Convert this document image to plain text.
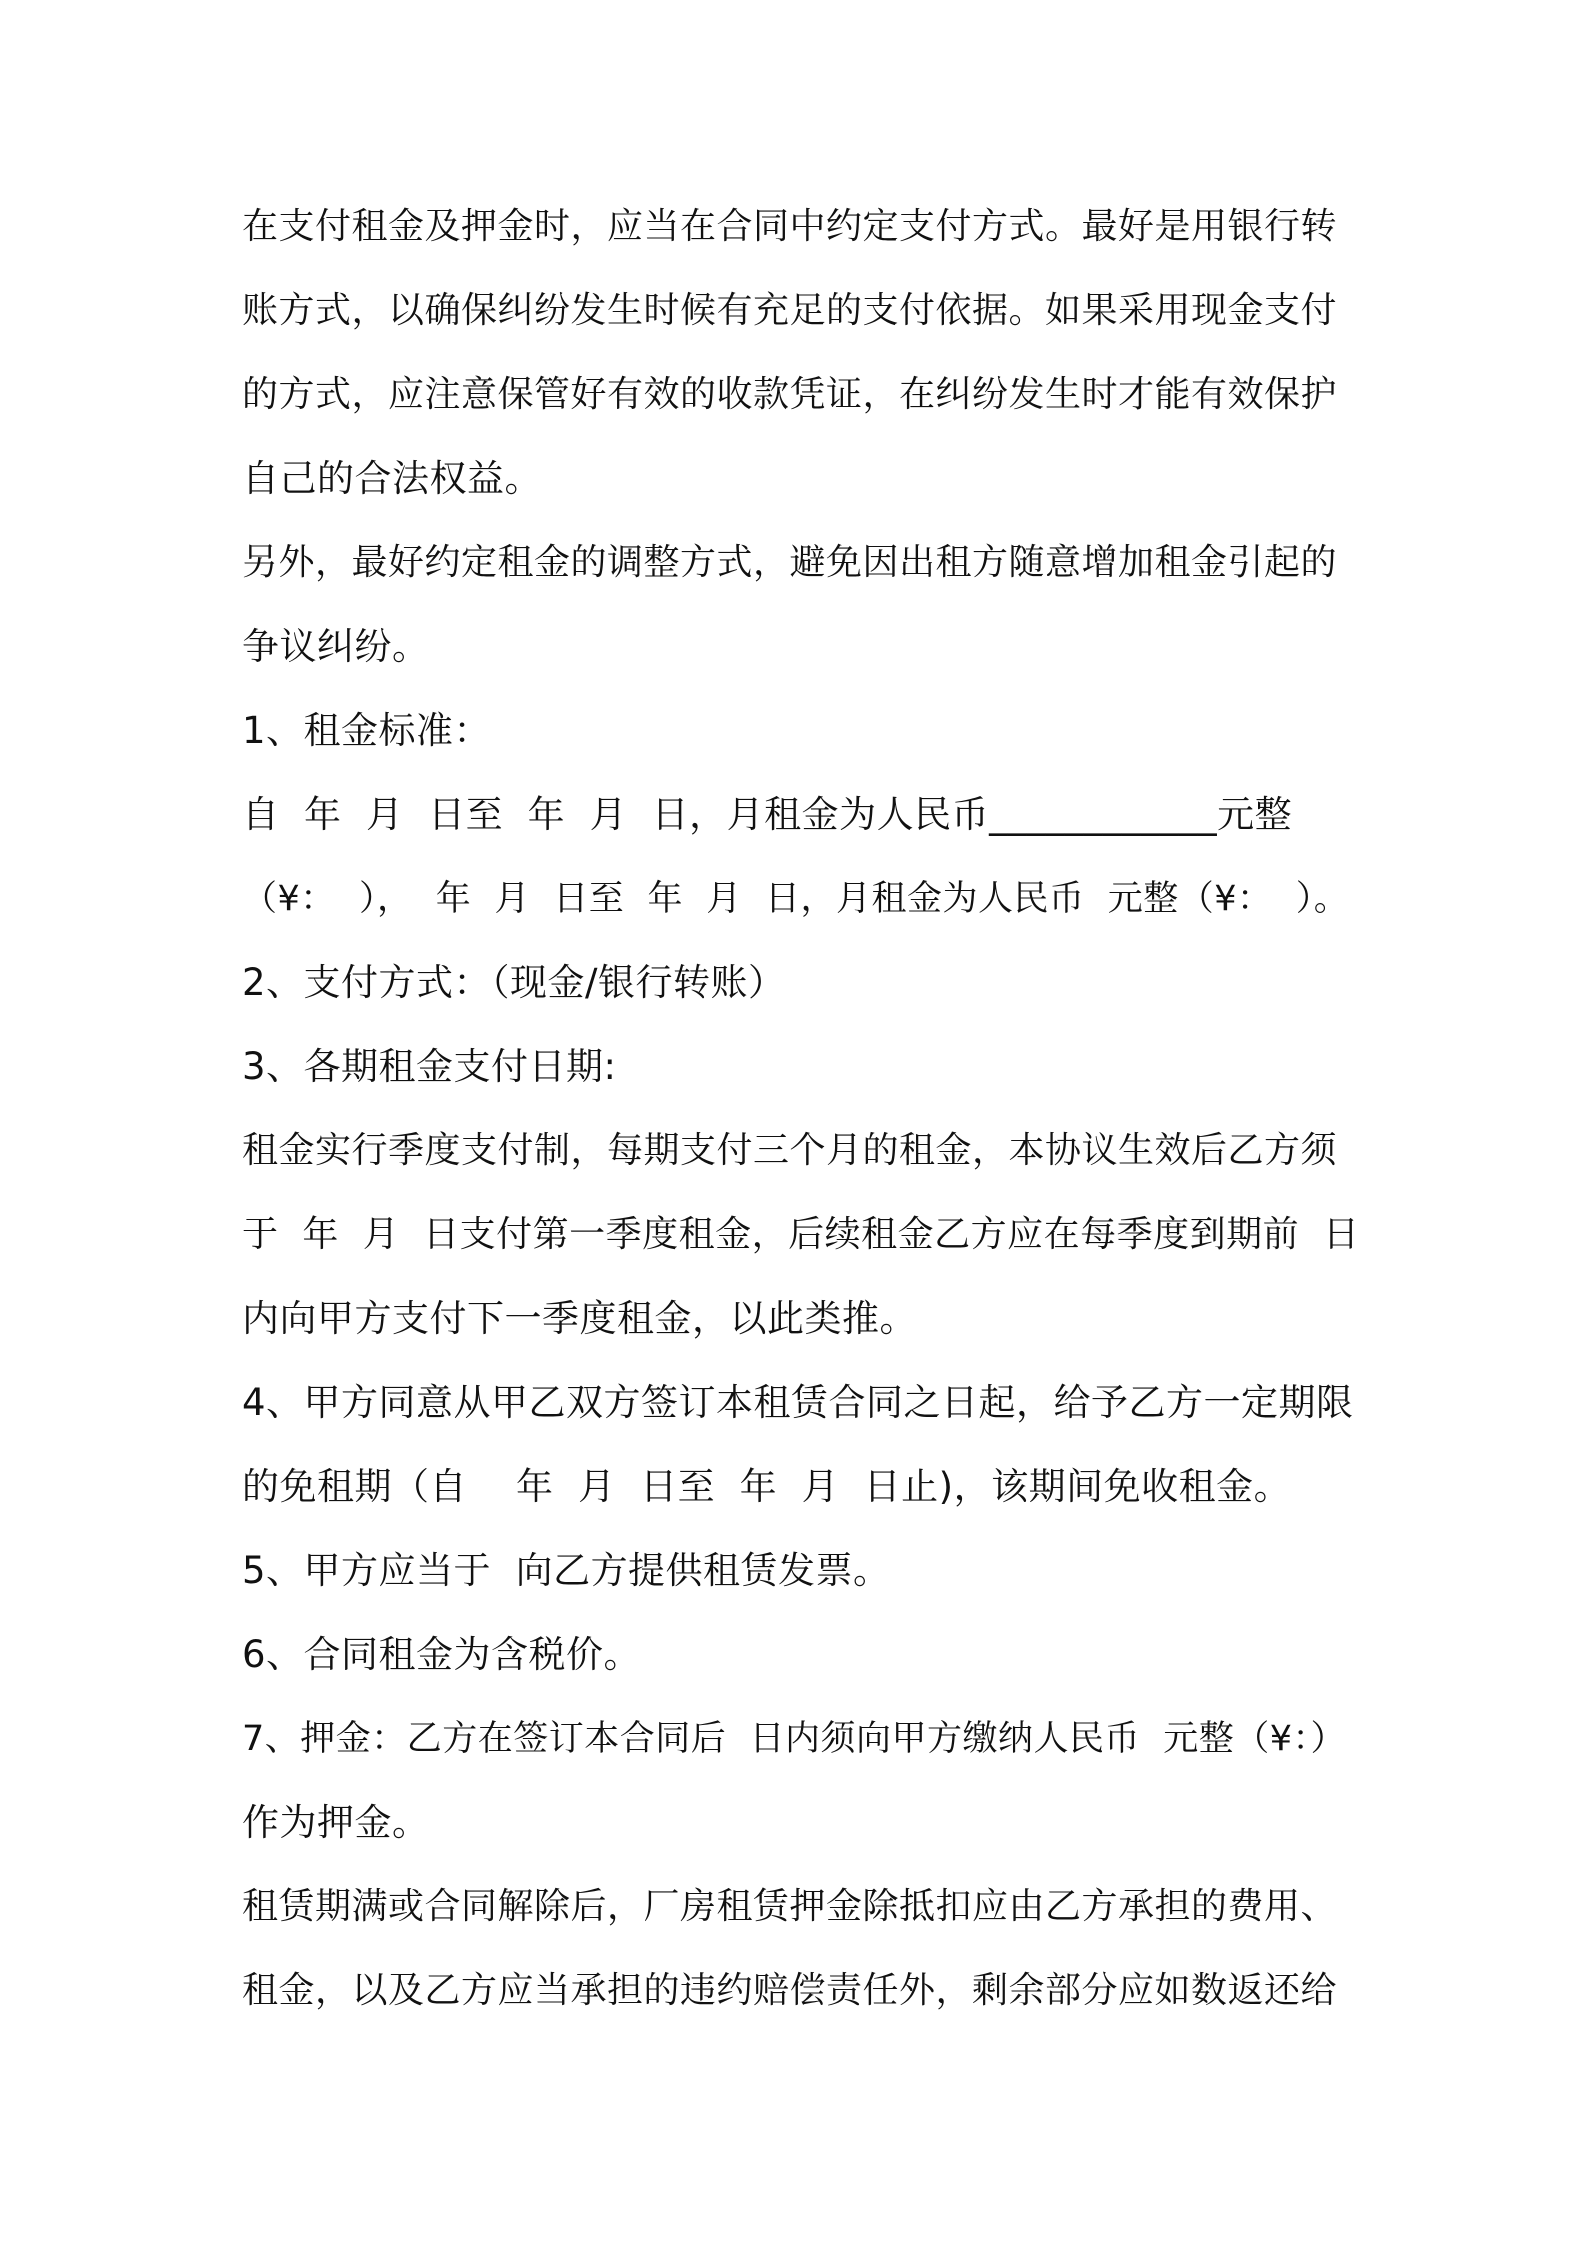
在支付租金及押金时，应当在合同中约定支付方式。最好是用银行转
账方式，以确保纠纷发生时候有充足的支付依据。如果采用现金支付
的方式，应注意保管好有效的收款凭证，在纠纷发生时才能有效保护
自己的合法权益。
另外，最好约定租金的调整方式，避免因出租方随意增加租金引起的
争议纠纷。
1、租金标准：
自  年  月  日至  年  月  日，月租金为人民币____________元整
（¥：  ），  年  月  日至  年  月  日，月租金为人民币  元整（¥：  ）。
2、支付方式：（现金/银行转账）
3、各期租金支付日期:
租金实行季度支付制，每期支付三个月的租金，本协议生效后乙方须
于  年  月  日支付第一季度租金，后续租金乙方应在每季度到期前  日
内向甲方支付下一季度租金，以此类推。
4、甲方同意从甲乙双方签订本租赁合同之日起，给予乙方一定期限
的免租期（自    年  月  日至  年  月  日止)，该期间免收租金。
5、甲方应当于  向乙方提供租赁发票。
6、合同租金为含税价。
7、押金：乙方在签订本合同后  日内须向甲方缴纳人民币  元整（¥：）
作为押金。
租赁期满或合同解除后，厂房租赁押金除抵扣应由乙方承担的费用、
租金，以及乙方应当承担的违约赔偿责任外，剩余部分应如数返还给
